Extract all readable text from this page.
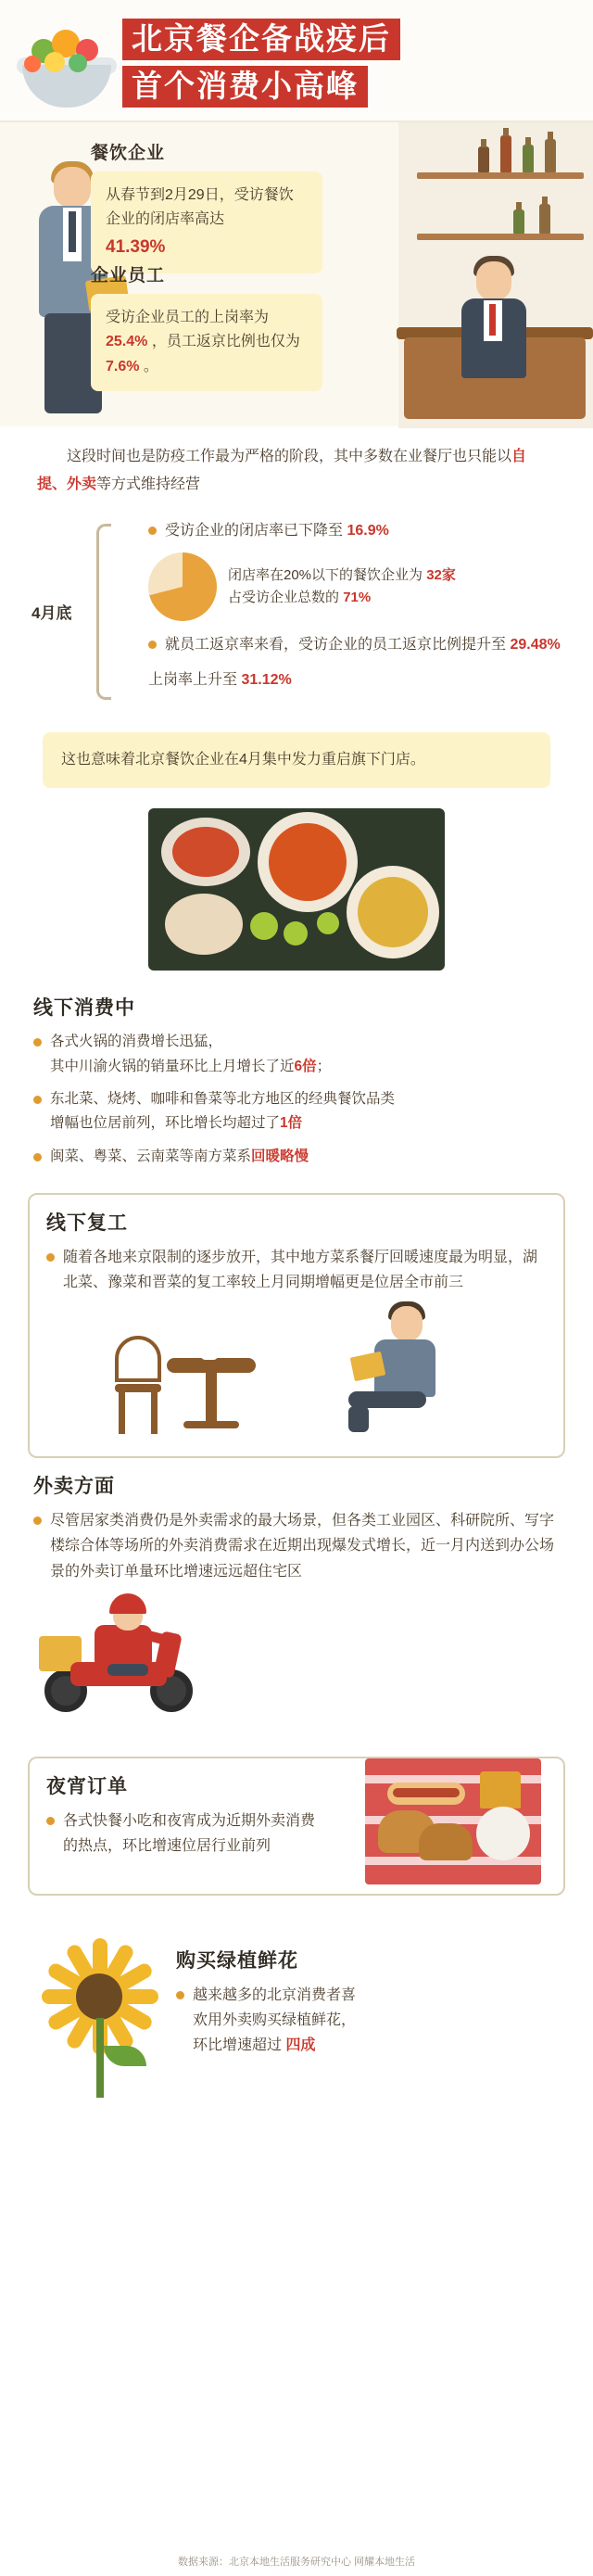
北京餐企备战疫后
首个消费小高峰
餐饮企业
从春节到2月29日，受访餐饮企业的闭店率高达
41.39%
企业员工
受访企业员工的上岗率为 25.4% ，员工返京比例也仅为 7.6% 。
这段时间也是防疫工作最为严格的阶段，其中多数在业餐厅也只能以自提、外卖等方式维持经营
4月底
受访企业的闭店率已下降至 16.9%
闭店率在20%以下的餐饮企业为 32家
占受访企业总数的 71%
就员工返京率来看，受访企业的员工返京比例提升至 29.48%
上岗率上升至 31.12%
这也意味着北京餐饮企业在4月集中发力重启旗下门店。
线下消费中
各式火锅的消费增长迅猛，
其中川渝火锅的销量环比上月增长了近6倍；
东北菜、烧烤、咖啡和鲁菜等北方地区的经典餐饮品类
增幅也位居前列，环比增长均超过了1倍
闽菜、粤菜、云南菜等南方菜系回暖略慢
线下复工
随着各地来京限制的逐步放开，其中地方菜系餐厅回暖速度最为明显，湖北菜、豫菜和晋菜的复工率较上月同期增幅更是位居全市前三
外卖方面
尽管居家类消费仍是外卖需求的最大场景，但各类工业园区、科研院所、写字楼综合体等场所的外卖消费需求在近期出现爆发式增长，近一月内送到办公场景的外卖订单量环比增速远远超住宅区
夜宵订单
各式快餐小吃和夜宵成为近期外卖消费的热点，环比增速位居行业前列
购买绿植鲜花
越来越多的北京消费者喜欢用外卖购买绿植鲜花，环比增速超过 四成
数据来源：北京本地生活服务研究中心 网耀本地生活
